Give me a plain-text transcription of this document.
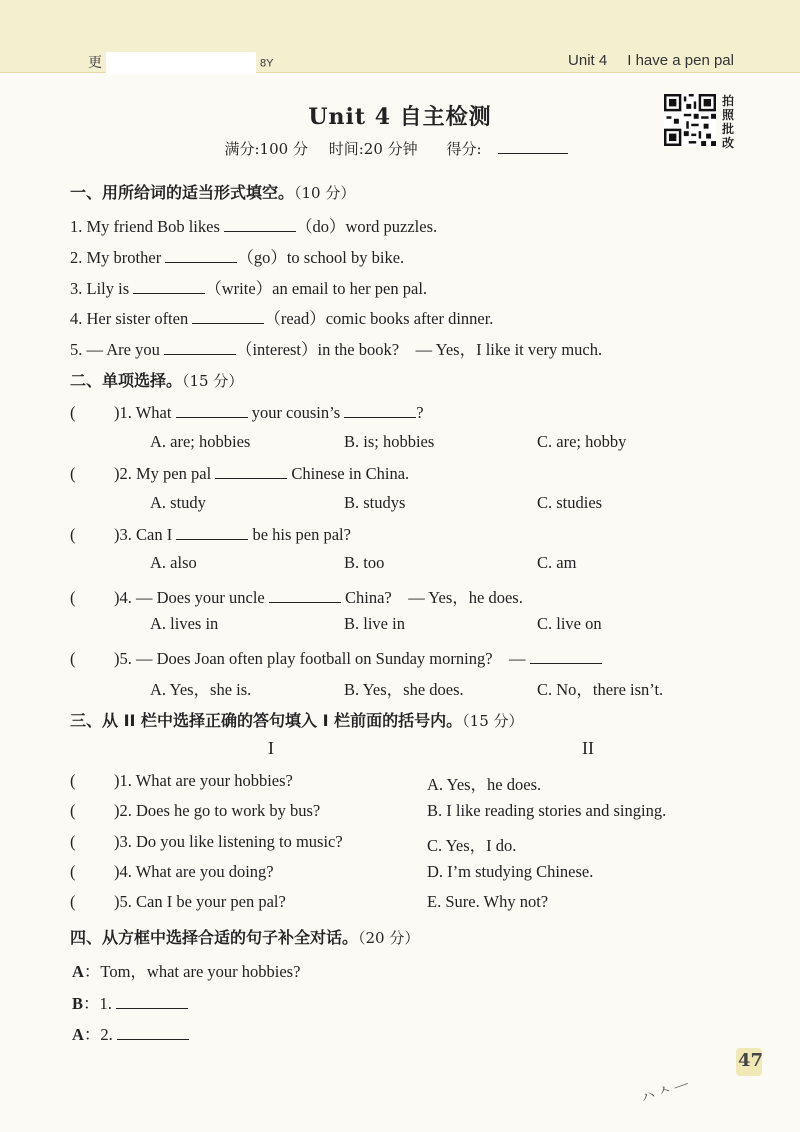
更	8Y	Unit 4 I have a pen pal
Unit 4 自主检测
满分:100 分 时间:20 分钟 得分:
拍
照
批
改
一、用所给词的适当形式填空。（10 分）
1. My friend Bob likes	（do）word puzzles.
2. My brother	（go）to school by bike.
3. Lily is	（write）an email to her pen pal.
4. Her sister often	（read）comic books after dinner.
5. — Are you	（interest）in the book?　— Yes，I like it very much.
二、单项选择。（15 分）
( )1. What	your cousin’s	?
A. are; hobbies	B. is; hobbies	C. are; hobby
( )2. My pen pal	Chinese in China.
A. study	B. studys	C. studies
( )3. Can I	be his pen pal?
A. also	B. too	C. am
( )4. — Does your uncle	China?　— Yes，he does.
A. lives in	B. live in	C. live on
( )5. — Does Joan often play football on Sunday morning?　—
A. Yes，she is.	B. Yes，she does.	C. No，there isn’t.
三、从 II 栏中选择正确的答句填入 I 栏前面的括号内。（15 分）
I	II
( )1. What are your hobbies?	A. Yes，he does.
( )2. Does he go to work by bus?	B. I like reading stories and singing.
( )3. Do you like listening to music?	C. Yes，I do.
( )4. What are you doing?	D. I’m studying Chinese.
( )5. Can I be your pen pal?	E. Sure. Why not?
四、从方框中选择合适的句子补全对话。（20 分）
A：Tom，what are your hobbies?
B：1.
A：2.
47
ハ ㅅ —
